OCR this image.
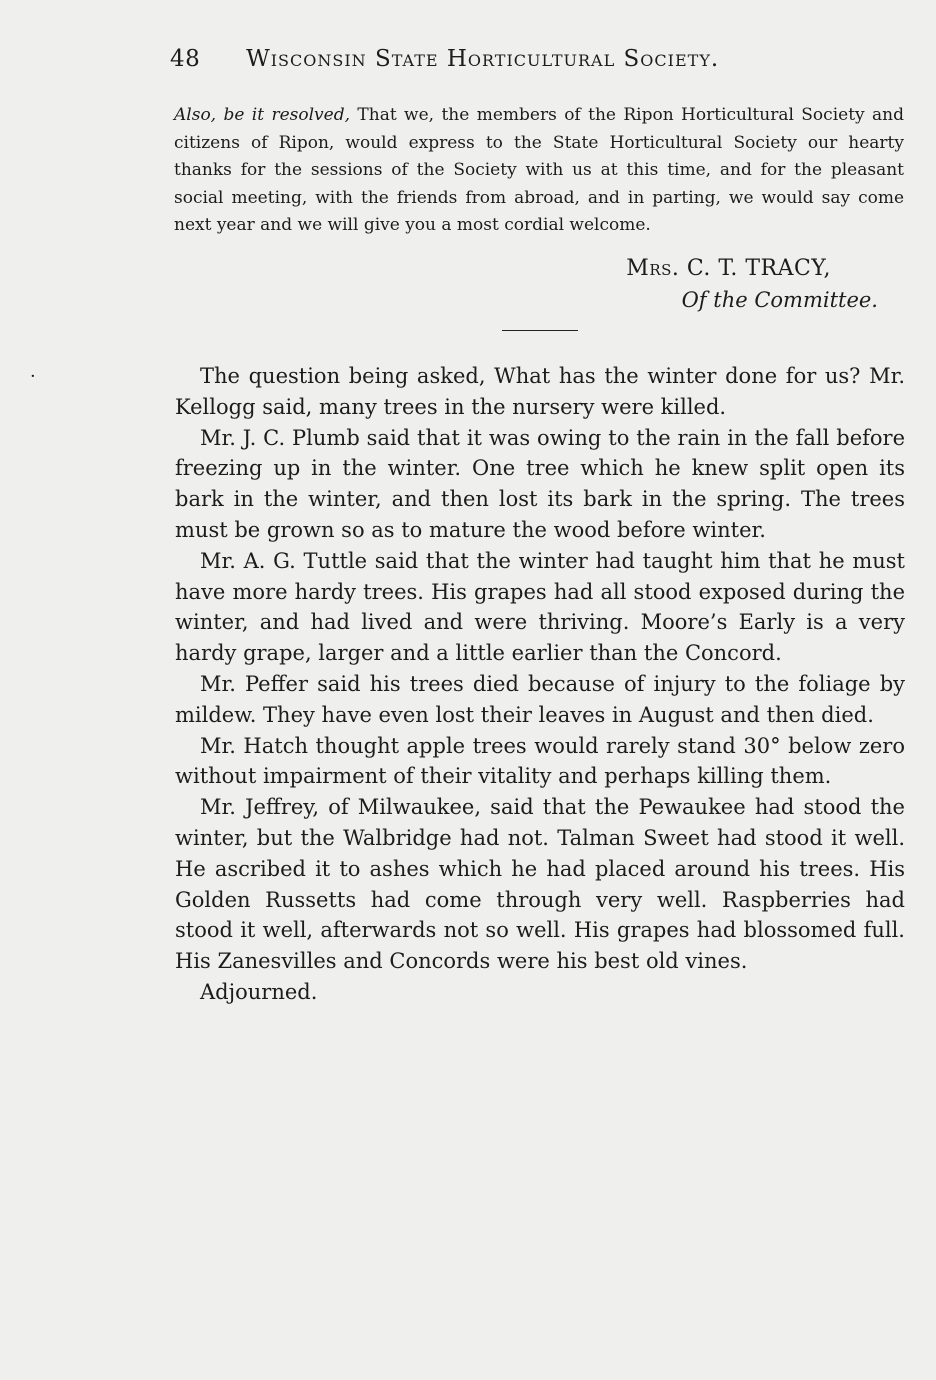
48 Wisconsin State Horticultural Society.
Also, be it resolved, That we, the members of the Ripon Horticultural Society and citizens of Ripon, would express to the State Horticultural Society our hearty thanks for the sessions of the Society with us at this time, and for the pleasant social meeting, with the friends from abroad, and in parting, we would say come next year and we will give you a most cordial welcome.
Mrs. C. T. TRACY,
Of the Committee.
·	The question being asked, What has the winter done for us? Mr. Kellogg said, many trees in the nursery were killed.

Mr. J. C. Plumb said that it was owing to the rain in the fall before freezing up in the winter. One tree which he knew split open its bark in the winter, and then lost its bark in the spring. The trees must be grown so as to mature the wood before winter.

Mr. A. G. Tuttle said that the winter had taught him that he must have more hardy trees. His grapes had all stood exposed during the winter, and had lived and were thriving. Moore’s Early is a very hardy grape, larger and a little earlier than the Concord.

Mr. Peffer said his trees died because of injury to the foliage by mildew. They have even lost their leaves in August and then died.

Mr. Hatch thought apple trees would rarely stand 30° below zero without impairment of their vitality and perhaps killing them.

Mr. Jeffrey, of Milwaukee, said that the Pewaukee had stood the winter, but the Walbridge had not. Talman Sweet had stood it well. He ascribed it to ashes which he had placed around his trees. His Golden Russetts had come through very well. Raspberries had stood it well, afterwards not so well. His grapes had blossomed full. His Zanesvilles and Concords were his best old vines.

Adjourned.
